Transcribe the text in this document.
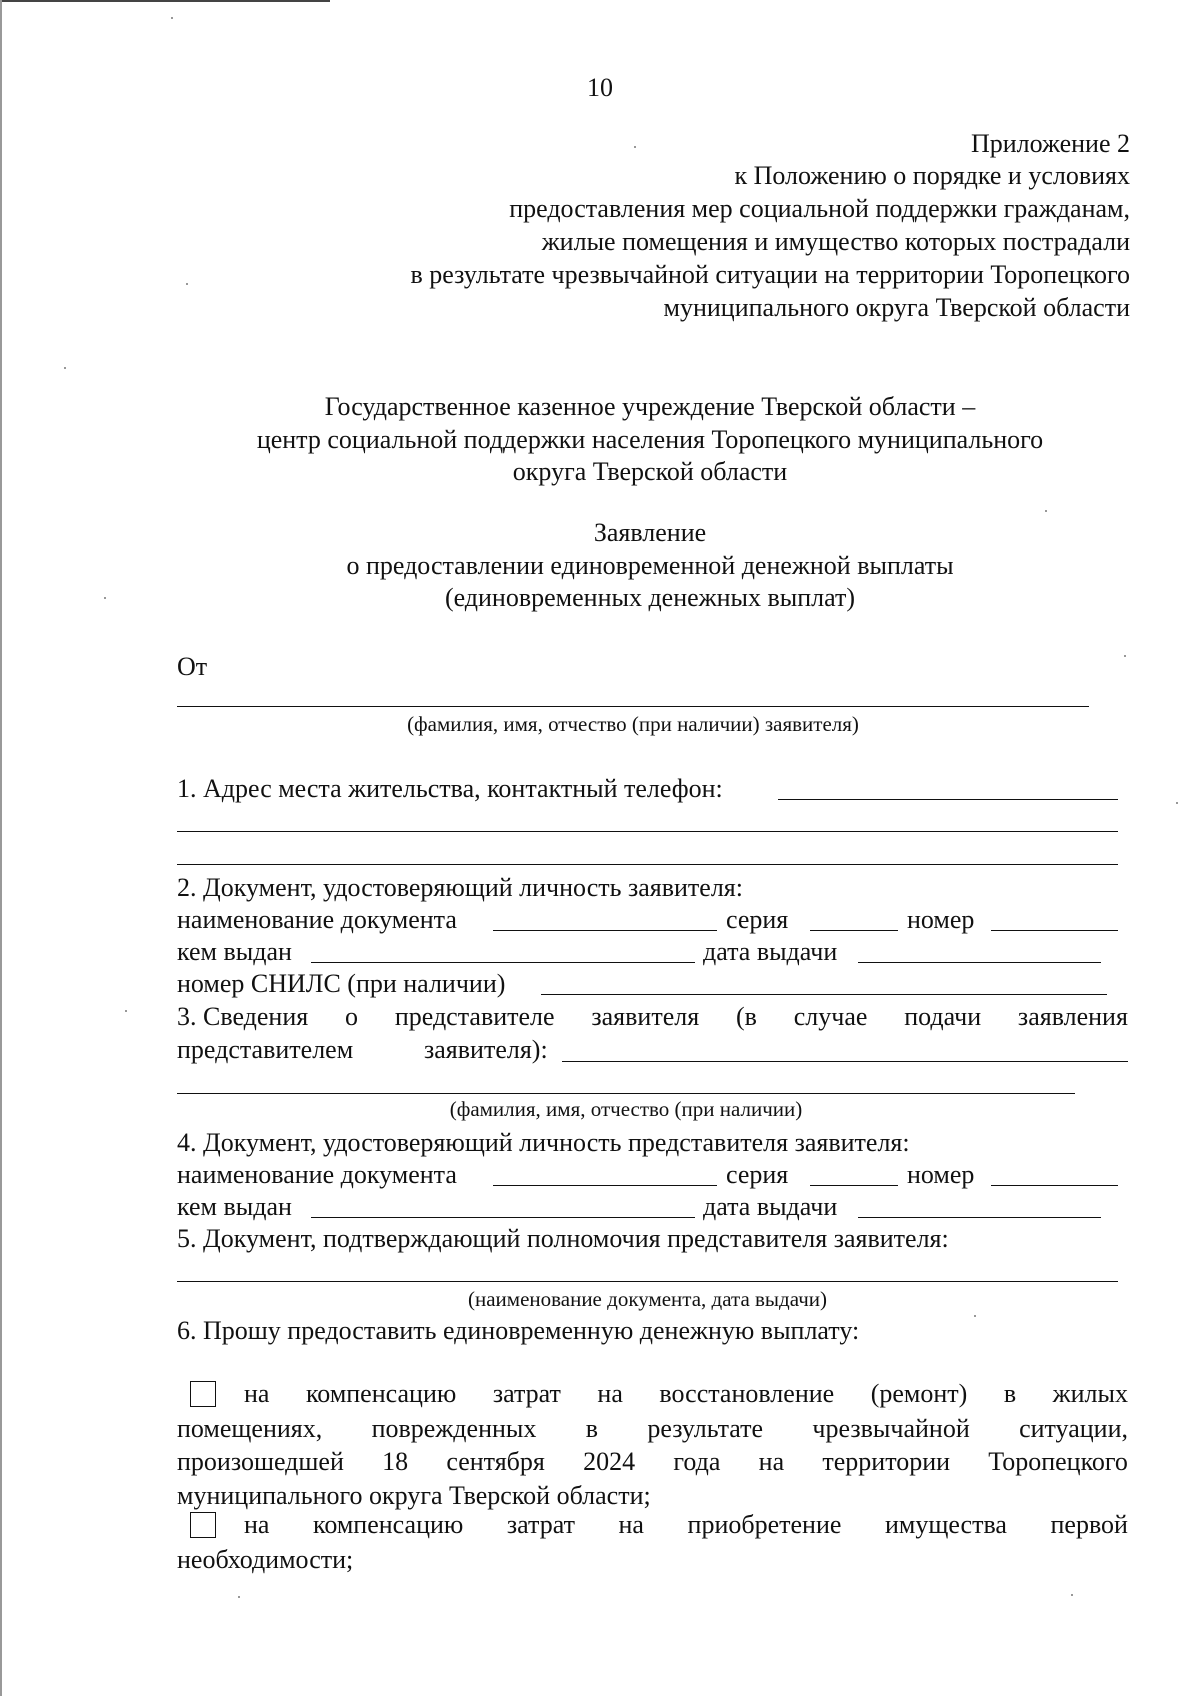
10
Приложение 2
к Положению о порядке и условиях
предоставления мер социальной поддержки гражданам,
жилые помещения и имущество которых пострадали
в результате чрезвычайной ситуации на территории Торопецкого
муниципального округа Тверской области
Государственное казенное учреждение Тверской области –
центр социальной поддержки населения Торопецкого муниципального
округа Тверской области
Заявление
о предоставлении единовременной денежной выплаты
(единовременных денежных выплат)
От
(фамилия, имя, отчество (при наличии) заявителя)
1. Адрес места жительства, контактный телефон:
2. Документ, удостоверяющий личность заявителя:
наименование документа	серия	номер
кем выдан	дата выдачи
номер СНИЛС (при наличии)
3. Сведения о представителе заявителя (в случае подачи заявления
представителем	заявителя):
(фамилия, имя, отчество (при наличии)
4. Документ, удостоверяющий личность представителя заявителя:
наименование документа	серия	номер
кем выдан	дата выдачи
5. Документ, подтверждающий полномочия представителя заявителя:
(наименование документа, дата выдачи)
6. Прошу предоставить единовременную денежную выплату:
на компенсацию затрат на восстановление (ремонт) в жилых
помещениях, поврежденных в результате чрезвычайной ситуации,
произошедшей 18 сентября 2024 года на территории Торопецкого
муниципального округа Тверской области;
на компенсацию затрат на приобретение имущества первой
необходимости;
